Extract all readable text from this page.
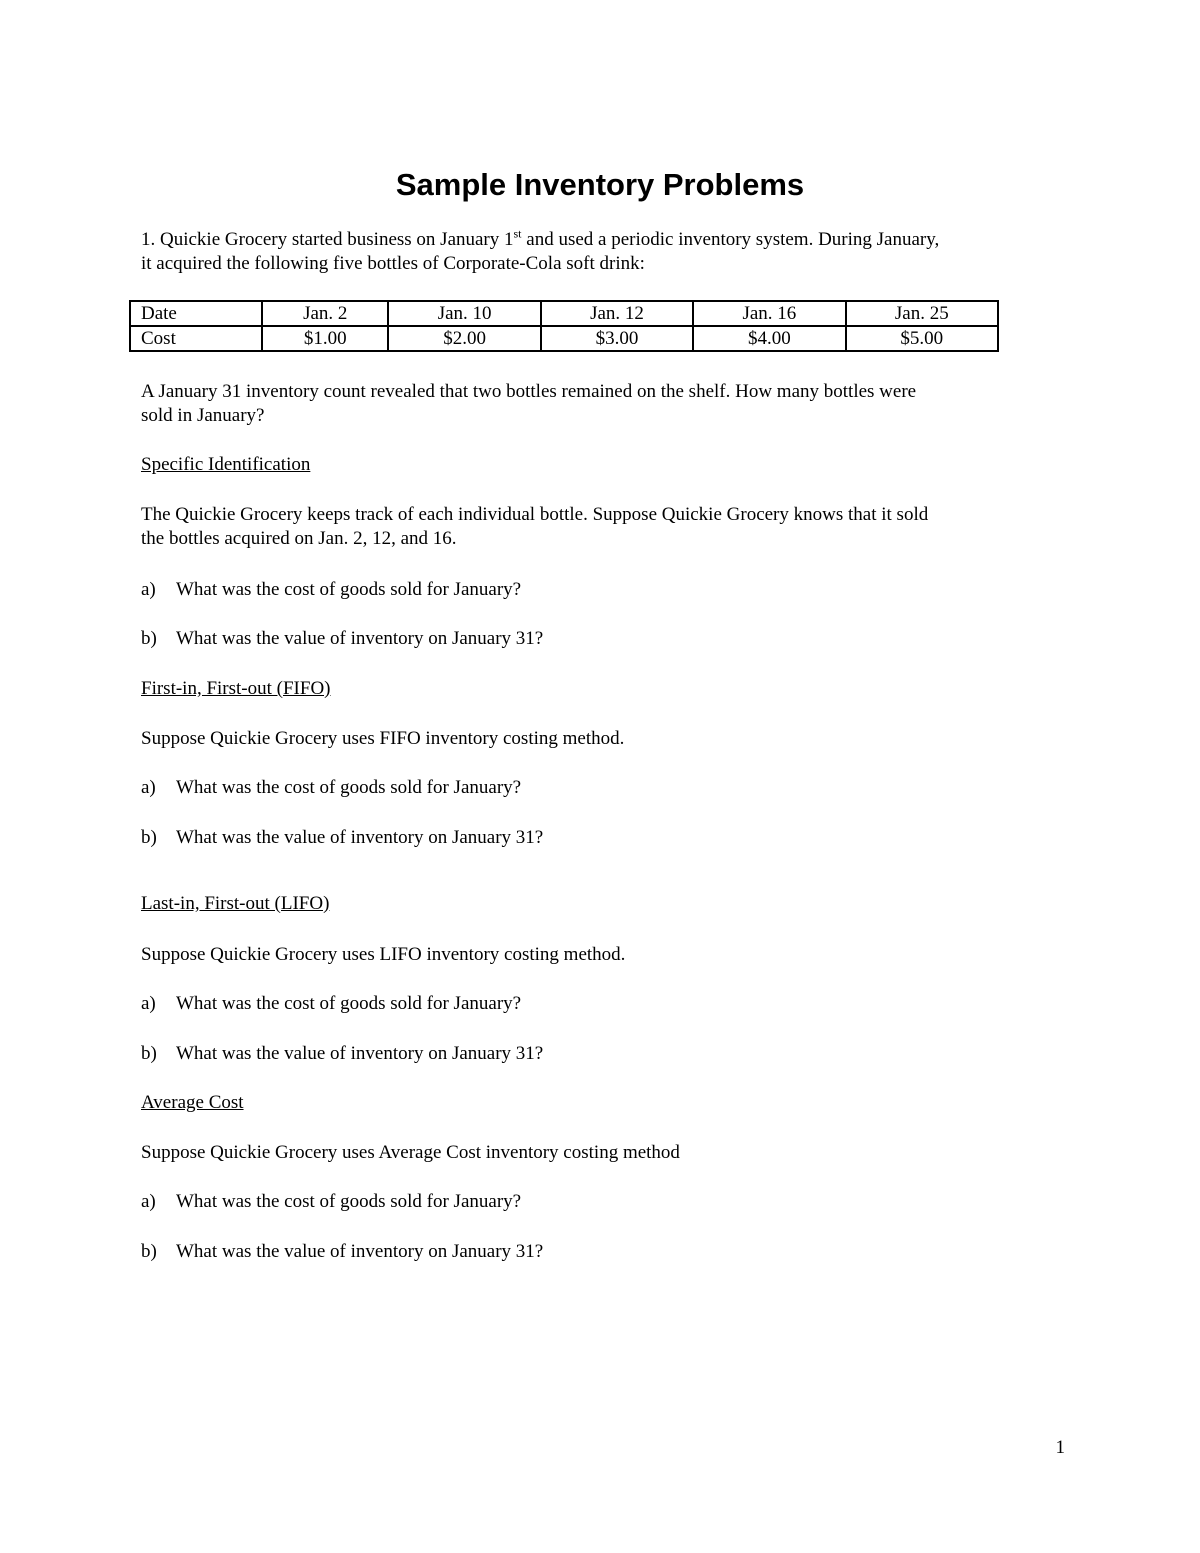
Sample Inventory Problems

1. Quickie Grocery started business on January 1st and used a periodic inventory system. During January,
it acquired the following five bottles of Corporate-Cola soft drink:

Date	Jan. 2	Jan. 10	Jan. 12	Jan. 16	Jan. 25
Cost	$1.00	$2.00	$3.00	$4.00	$5.00

A January 31 inventory count revealed that two bottles remained on the shelf. How many bottles were
sold in January?

Specific Identification

The Quickie Grocery keeps track of each individual bottle. Suppose Quickie Grocery knows that it sold
the bottles acquired on Jan. 2, 12, and 16.

a) What was the cost of goods sold for January?

b) What was the value of inventory on January 31?

First-in, First-out (FIFO)

Suppose Quickie Grocery uses FIFO inventory costing method.

a) What was the cost of goods sold for January?

b) What was the value of inventory on January 31?

Last-in, First-out (LIFO)

Suppose Quickie Grocery uses LIFO inventory costing method.

a) What was the cost of goods sold for January?

b) What was the value of inventory on January 31?

Average Cost

Suppose Quickie Grocery uses Average Cost inventory costing method

a) What was the cost of goods sold for January?

b) What was the value of inventory on January 31?

1
